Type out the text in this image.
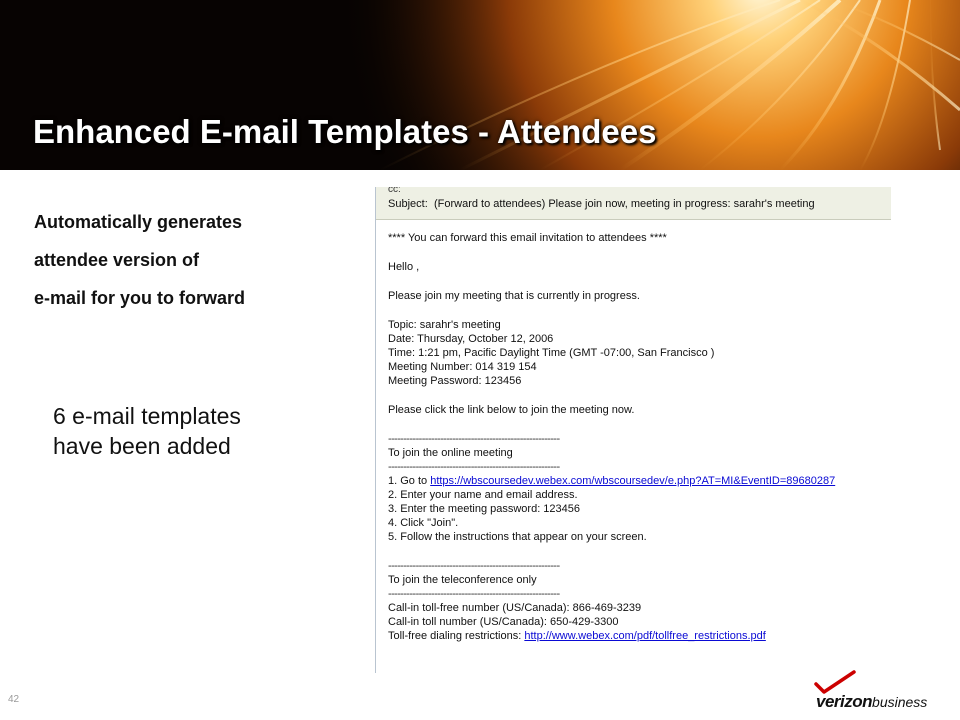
Enhanced E-mail Templates - Attendees
Automatically generates
attendee version of
e-mail for you to forward
6 e-mail templates
have been added
cc:
Subject: (Forward to attendees) Please join now, meeting in progress: sarahr's meeting
**** You can forward this email invitation to attendees ****
Hello ,
Please join my meeting that is currently in progress.
Topic: sarahr's meeting
Date: Thursday, October 12, 2006
Time: 1:21 pm, Pacific Daylight Time (GMT -07:00, San Francisco )
Meeting Number: 014 319 154
Meeting Password: 123456
Please click the link below to join the meeting now.
--------------------------------------------------------
To join the online meeting
--------------------------------------------------------
1. Go to https://wbscoursedev.webex.com/wbscoursedev/e.php?AT=MI&EventID=89680287
2. Enter your name and email address.
3. Enter the meeting password: 123456
4. Click "Join".
5. Follow the instructions that appear on your screen.
--------------------------------------------------------
To join the teleconference only
--------------------------------------------------------
Call-in toll-free number (US/Canada): 866-469-3239
Call-in toll number (US/Canada): 650-429-3300
Toll-free dialing restrictions: http://www.webex.com/pdf/tollfree_restrictions.pdf
42	verizonbusiness
